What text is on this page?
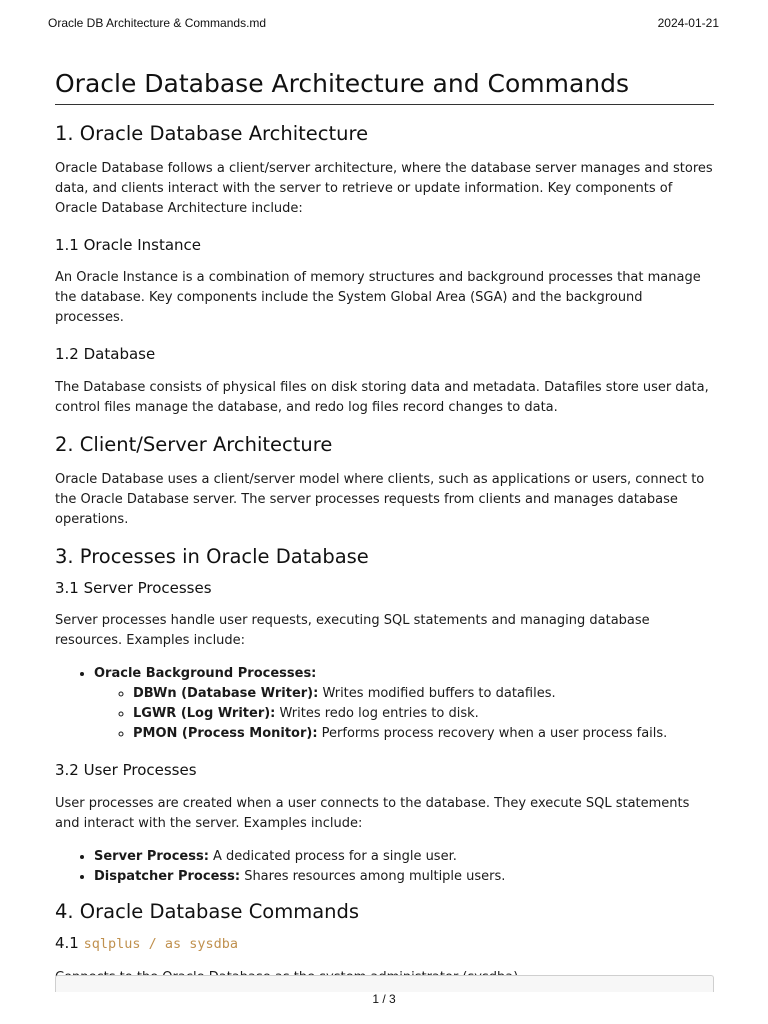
Oracle DB Architecture & Commands.md	2024-01-21
Oracle Database Architecture and Commands
1. Oracle Database Architecture

Oracle Database follows a client/server architecture, where the database server manages and stores data, and clients interact with the server to retrieve or update information. Key components of Oracle Database Architecture include:

1.1 Oracle Instance

An Oracle Instance is a combination of memory structures and background processes that manage the database. Key components include the System Global Area (SGA) and the background processes.

1.2 Database

The Database consists of physical files on disk storing data and metadata. Datafiles store user data, control files manage the database, and redo log files record changes to data.

2. Client/Server Architecture

Oracle Database uses a client/server model where clients, such as applications or users, connect to the Oracle Database server. The server processes requests from clients and manages database operations.

3. Processes in Oracle Database
3.1 Server Processes

Server processes handle user requests, executing SQL statements and managing database resources. Examples include:

• Oracle Background Processes:
◦ DBWn (Database Writer): Writes modified buffers to datafiles.
◦ LGWR (Log Writer): Writes redo log entries to disk.
◦ PMON (Process Monitor): Performs process recovery when a user process fails.
3.2 User Processes

User processes are created when a user connects to the database. They execute SQL statements and interact with the server. Examples include:

• Server Process: A dedicated process for a single user.
• Dispatcher Process: Shares resources among multiple users.
4. Oracle Database Commands
4.1 sqlplus / as sysdba

1 / 3
